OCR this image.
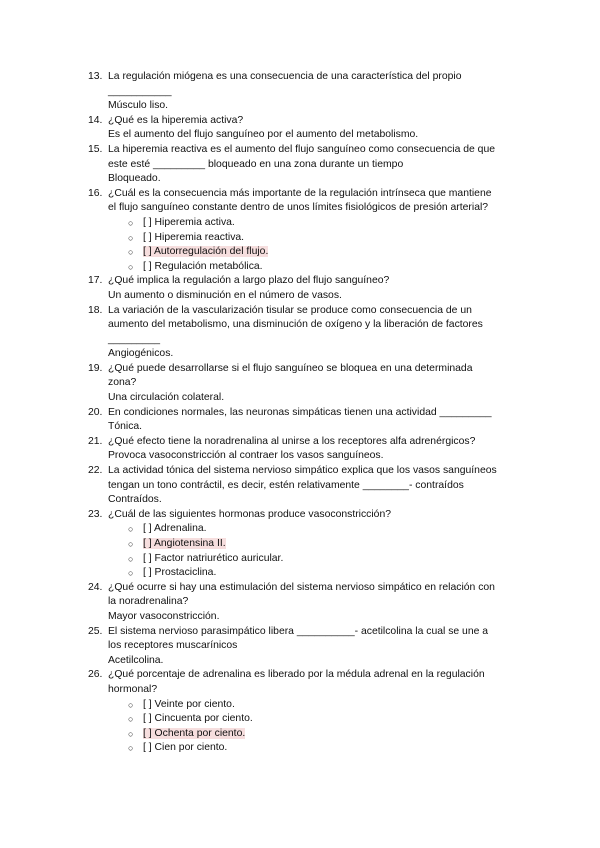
13. La regulación miógena es una consecuencia de una característica del propio
___________
Músculo liso.
14. ¿Qué es la hiperemia activa?
Es el aumento del flujo sanguíneo por el aumento del metabolismo.
15. La hiperemia reactiva es el aumento del flujo sanguíneo como consecuencia de que
este esté _________ bloqueado en una zona durante un tiempo
Bloqueado.
16. ¿Cuál es la consecuencia más importante de la regulación intrínseca que mantiene
el flujo sanguíneo constante dentro de unos límites fisiológicos de presión arterial?
○ [ ] Hiperemia activa.
○ [ ] Hiperemia reactiva.
○ [ ] Autorregulación del flujo.
○ [ ] Regulación metabólica.
17. ¿Qué implica la regulación a largo plazo del flujo sanguíneo?
Un aumento o disminución en el número de vasos.
18. La variación de la vascularización tisular se produce como consecuencia de un
aumento del metabolismo, una disminución de oxígeno y la liberación de factores
_________
Angiogénicos.
19. ¿Qué puede desarrollarse si el flujo sanguíneo se bloquea en una determinada
zona?
Una circulación colateral.
20. En condiciones normales, las neuronas simpáticas tienen una actividad _________
Tónica.
21. ¿Qué efecto tiene la noradrenalina al unirse a los receptores alfa adrenérgicos?
Provoca vasoconstricción al contraer los vasos sanguíneos.
22. La actividad tónica del sistema nervioso simpático explica que los vasos sanguíneos
tengan un tono contráctil, es decir, estén relativamente ________- contraídos
Contraídos.
23. ¿Cuál de las siguientes hormonas produce vasoconstricción?
○ [ ] Adrenalina.
○ [ ] Angiotensina II.
○ [ ] Factor natriurético auricular.
○ [ ] Prostaciclina.
24. ¿Qué ocurre si hay una estimulación del sistema nervioso simpático en relación con
la noradrenalina?
Mayor vasoconstricción.
25. El sistema nervioso parasimpático libera __________- acetilcolina la cual se une a
los receptores muscarínicos
Acetilcolina.
26. ¿Qué porcentaje de adrenalina es liberado por la médula adrenal en la regulación
hormonal?
○ [ ] Veinte por ciento.
○ [ ] Cincuenta por ciento.
○ [ ] Ochenta por ciento.
○ [ ] Cien por ciento.
